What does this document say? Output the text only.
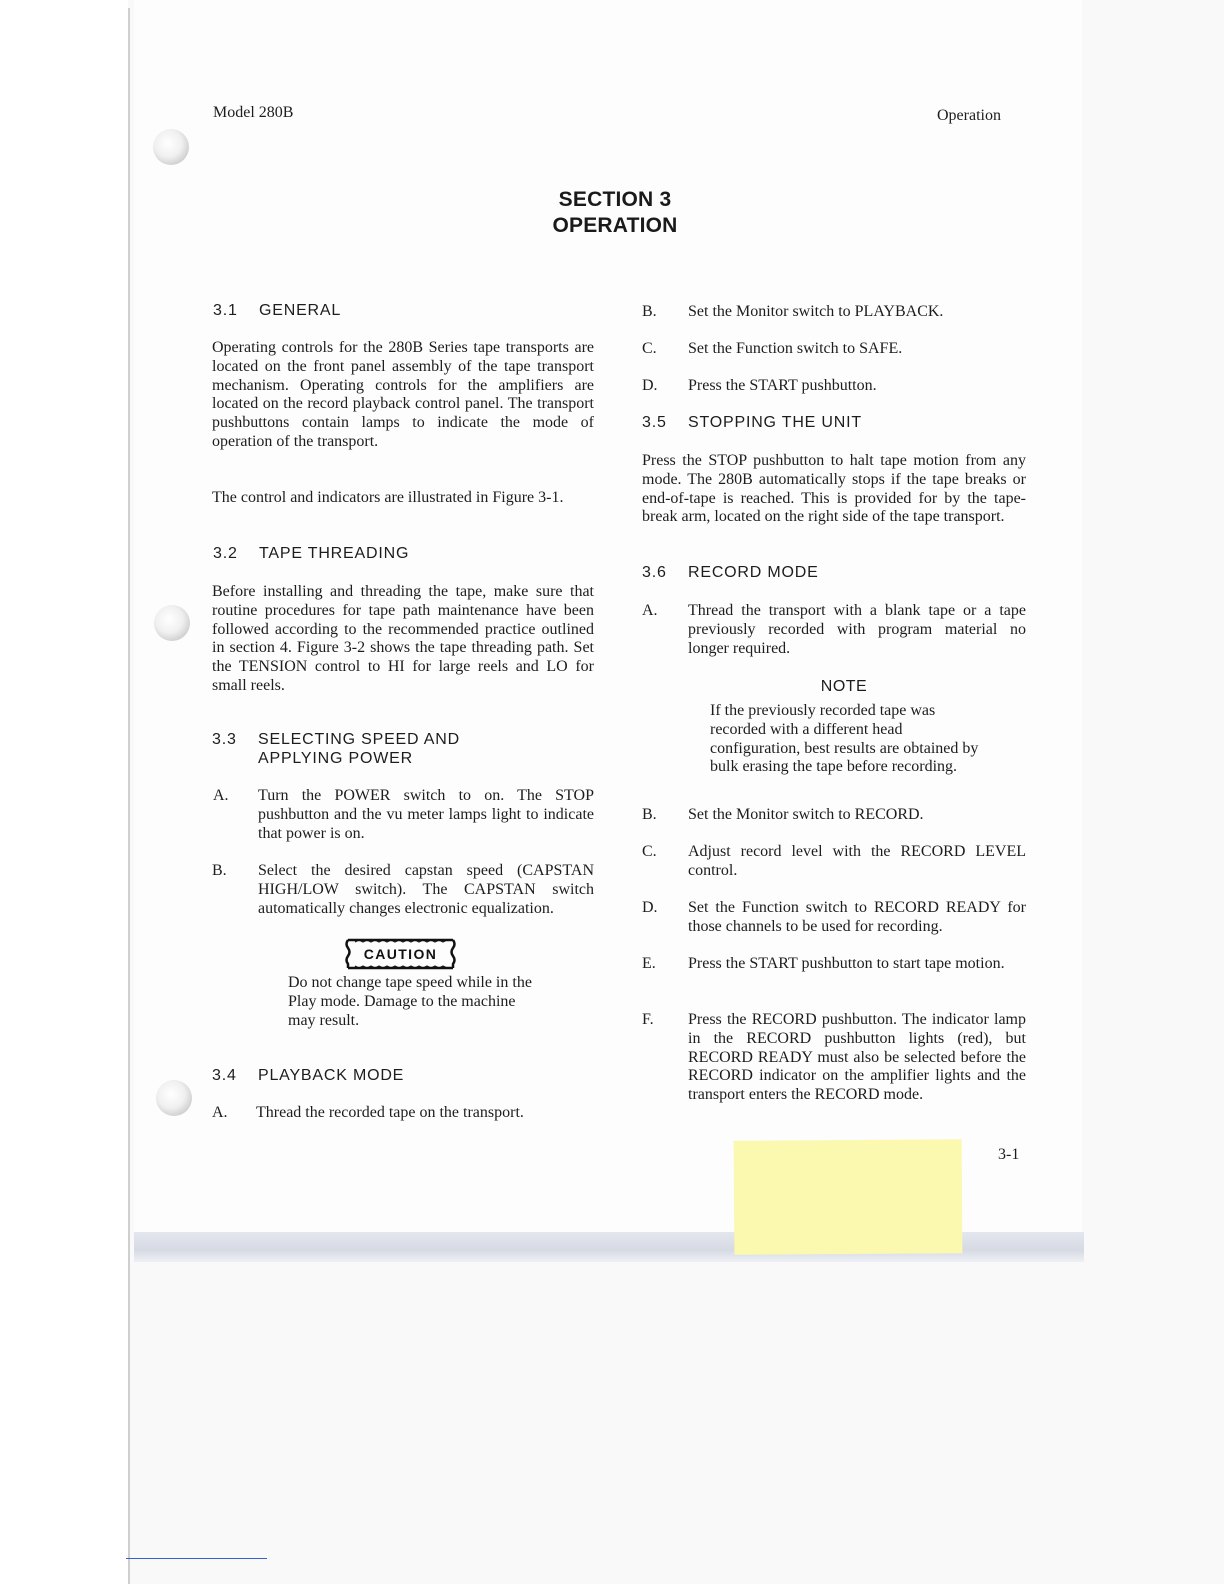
Model 280B	Operation
SECTION 3
OPERATION
3.1 GENERAL
Operating controls for the 280B Series tape transports are located on the front panel assembly of the tape transport mechanism. Operating controls for the amplifiers are located on the record playback control panel. The transport pushbuttons contain lamps to indicate the mode of operation of the transport.
The control and indicators are illustrated in Figure 3-1.
3.2 TAPE THREADING
Before installing and threading the tape, make sure that routine procedures for tape path maintenance have been followed according to the recommended practice outlined in section 4. Figure 3-2 shows the tape threading path. Set the TENSION control to HI for large reels and LO for small reels.
3.3 SELECTING SPEED AND
APPLYING POWER
A. Turn the POWER switch to on. The STOP pushbutton and the vu meter lamps light to indicate that power is on.
B. Select the desired capstan speed (CAPSTAN HIGH/LOW switch). The CAPSTAN switch automatically changes electronic equalization.
CAUTION
Do not change tape speed while in the Play mode. Damage to the machine may result.
3.4 PLAYBACK MODE
A. Thread the recorded tape on the transport.
B. Set the Monitor switch to PLAYBACK.
C. Set the Function switch to SAFE.
D. Press the START pushbutton.
3.5 STOPPING THE UNIT
Press the STOP pushbutton to halt tape motion from any mode. The 280B automatically stops if the tape breaks or end-of-tape is reached. This is provided for by the tape-break arm, located on the right side of the tape transport.
3.6 RECORD MODE
A. Thread the transport with a blank tape or a tape previously recorded with program material no longer required.
NOTE
If the previously recorded tape was recorded with a different head configuration, best results are obtained by bulk erasing the tape before recording.
B. Set the Monitor switch to RECORD.
C. Adjust record level with the RECORD LEVEL control.
D. Set the Function switch to RECORD READY for those channels to be used for recording.
E. Press the START pushbutton to start tape motion.
F. Press the RECORD pushbutton. The indicator lamp in the RECORD pushbutton lights (red), but RECORD READY must also be selected before the RECORD indicator on the amplifier lights and the transport enters the RECORD mode.
3-1
